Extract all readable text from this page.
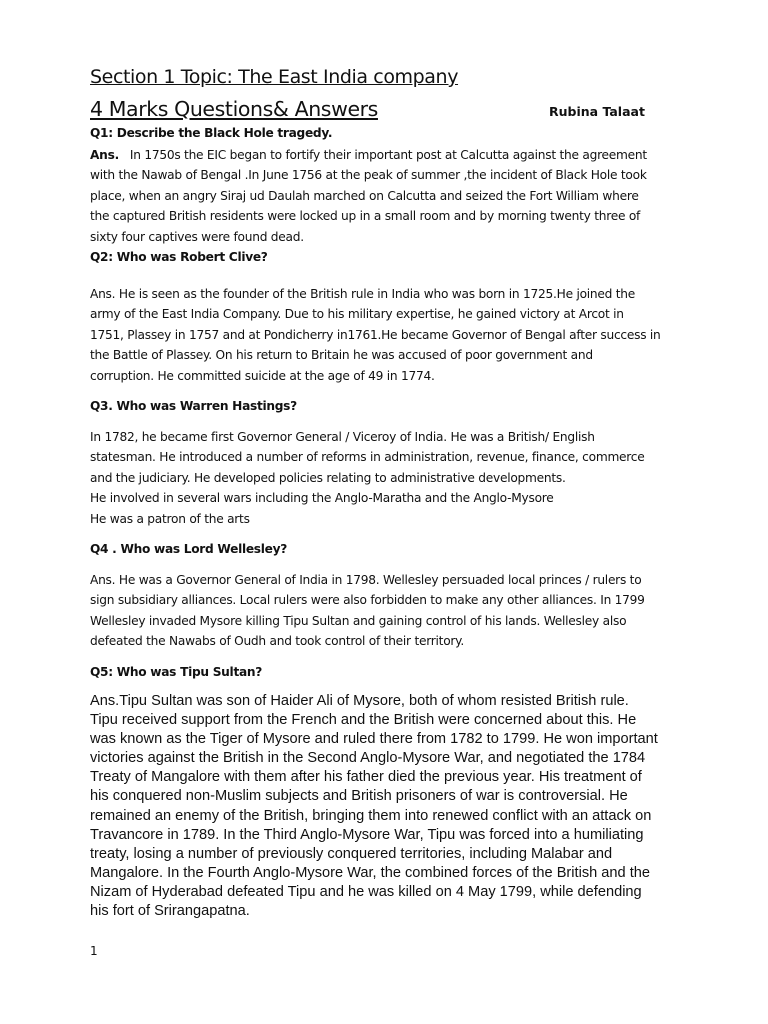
Section 1 Topic: The East India company
4 Marks Questions& Answers	Rubina Talaat
Q1: Describe the Black Hole tragedy.
Ans.   In 1750s the EIC began to fortify their important post at Calcutta against the agreement
with the Nawab of Bengal .In June 1756 at the peak of summer ,the incident of Black Hole took
place, when an angry Siraj ud Daulah marched on Calcutta and seized the Fort William where
the captured British residents were locked up in a small room and by morning twenty three of
sixty four captives were found dead.
Q2: Who was Robert Clive?
Ans. He is seen as the founder of the British rule in India who was born in 1725.He joined the
army of the East India Company. Due to his military expertise, he gained victory at Arcot in
1751, Plassey in 1757 and at Pondicherry in1761.He became Governor of Bengal after success in
the Battle of Plassey. On his return to Britain he was accused of poor government and
corruption. He committed suicide at the age of 49 in 1774.
Q3. Who was Warren Hastings?
In 1782, he became first Governor General / Viceroy of India. He was a British/ English
statesman. He introduced a number of reforms in administration, revenue, finance, commerce
and the judiciary. He developed policies relating to administrative developments.
He involved in several wars including the Anglo-Maratha and the Anglo-Mysore
He was a patron of the arts
Q4 . Who was Lord Wellesley?
Ans. He was a Governor General of India in 1798. Wellesley persuaded local princes / rulers to
sign subsidiary alliances. Local rulers were also forbidden to make any other alliances. In 1799
Wellesley invaded Mysore killing Tipu Sultan and gaining control of his lands. Wellesley also
defeated the Nawabs of Oudh and took control of their territory.
Q5: Who was Tipu Sultan?
Ans.Tipu Sultan was son of Haider Ali of Mysore, both of whom resisted British rule.
Tipu received support from the French and the British were concerned about this. He
was known as the Tiger of Mysore and ruled there from 1782 to 1799. He won important
victories against the British in the Second Anglo-Mysore War, and negotiated the 1784
Treaty of Mangalore with them after his father died the previous year. His treatment of
his conquered non-Muslim subjects and British prisoners of war is controversial. He
remained an enemy of the British, bringing them into renewed conflict with an attack on
Travancore in 1789. In the Third Anglo-Mysore War, Tipu was forced into a humiliating
treaty, losing a number of previously conquered territories, including Malabar and
Mangalore. In the Fourth Anglo-Mysore War, the combined forces of the British and the
Nizam of Hyderabad defeated Tipu and he was killed on 4 May 1799, while defending
his fort of Srirangapatna.
1
